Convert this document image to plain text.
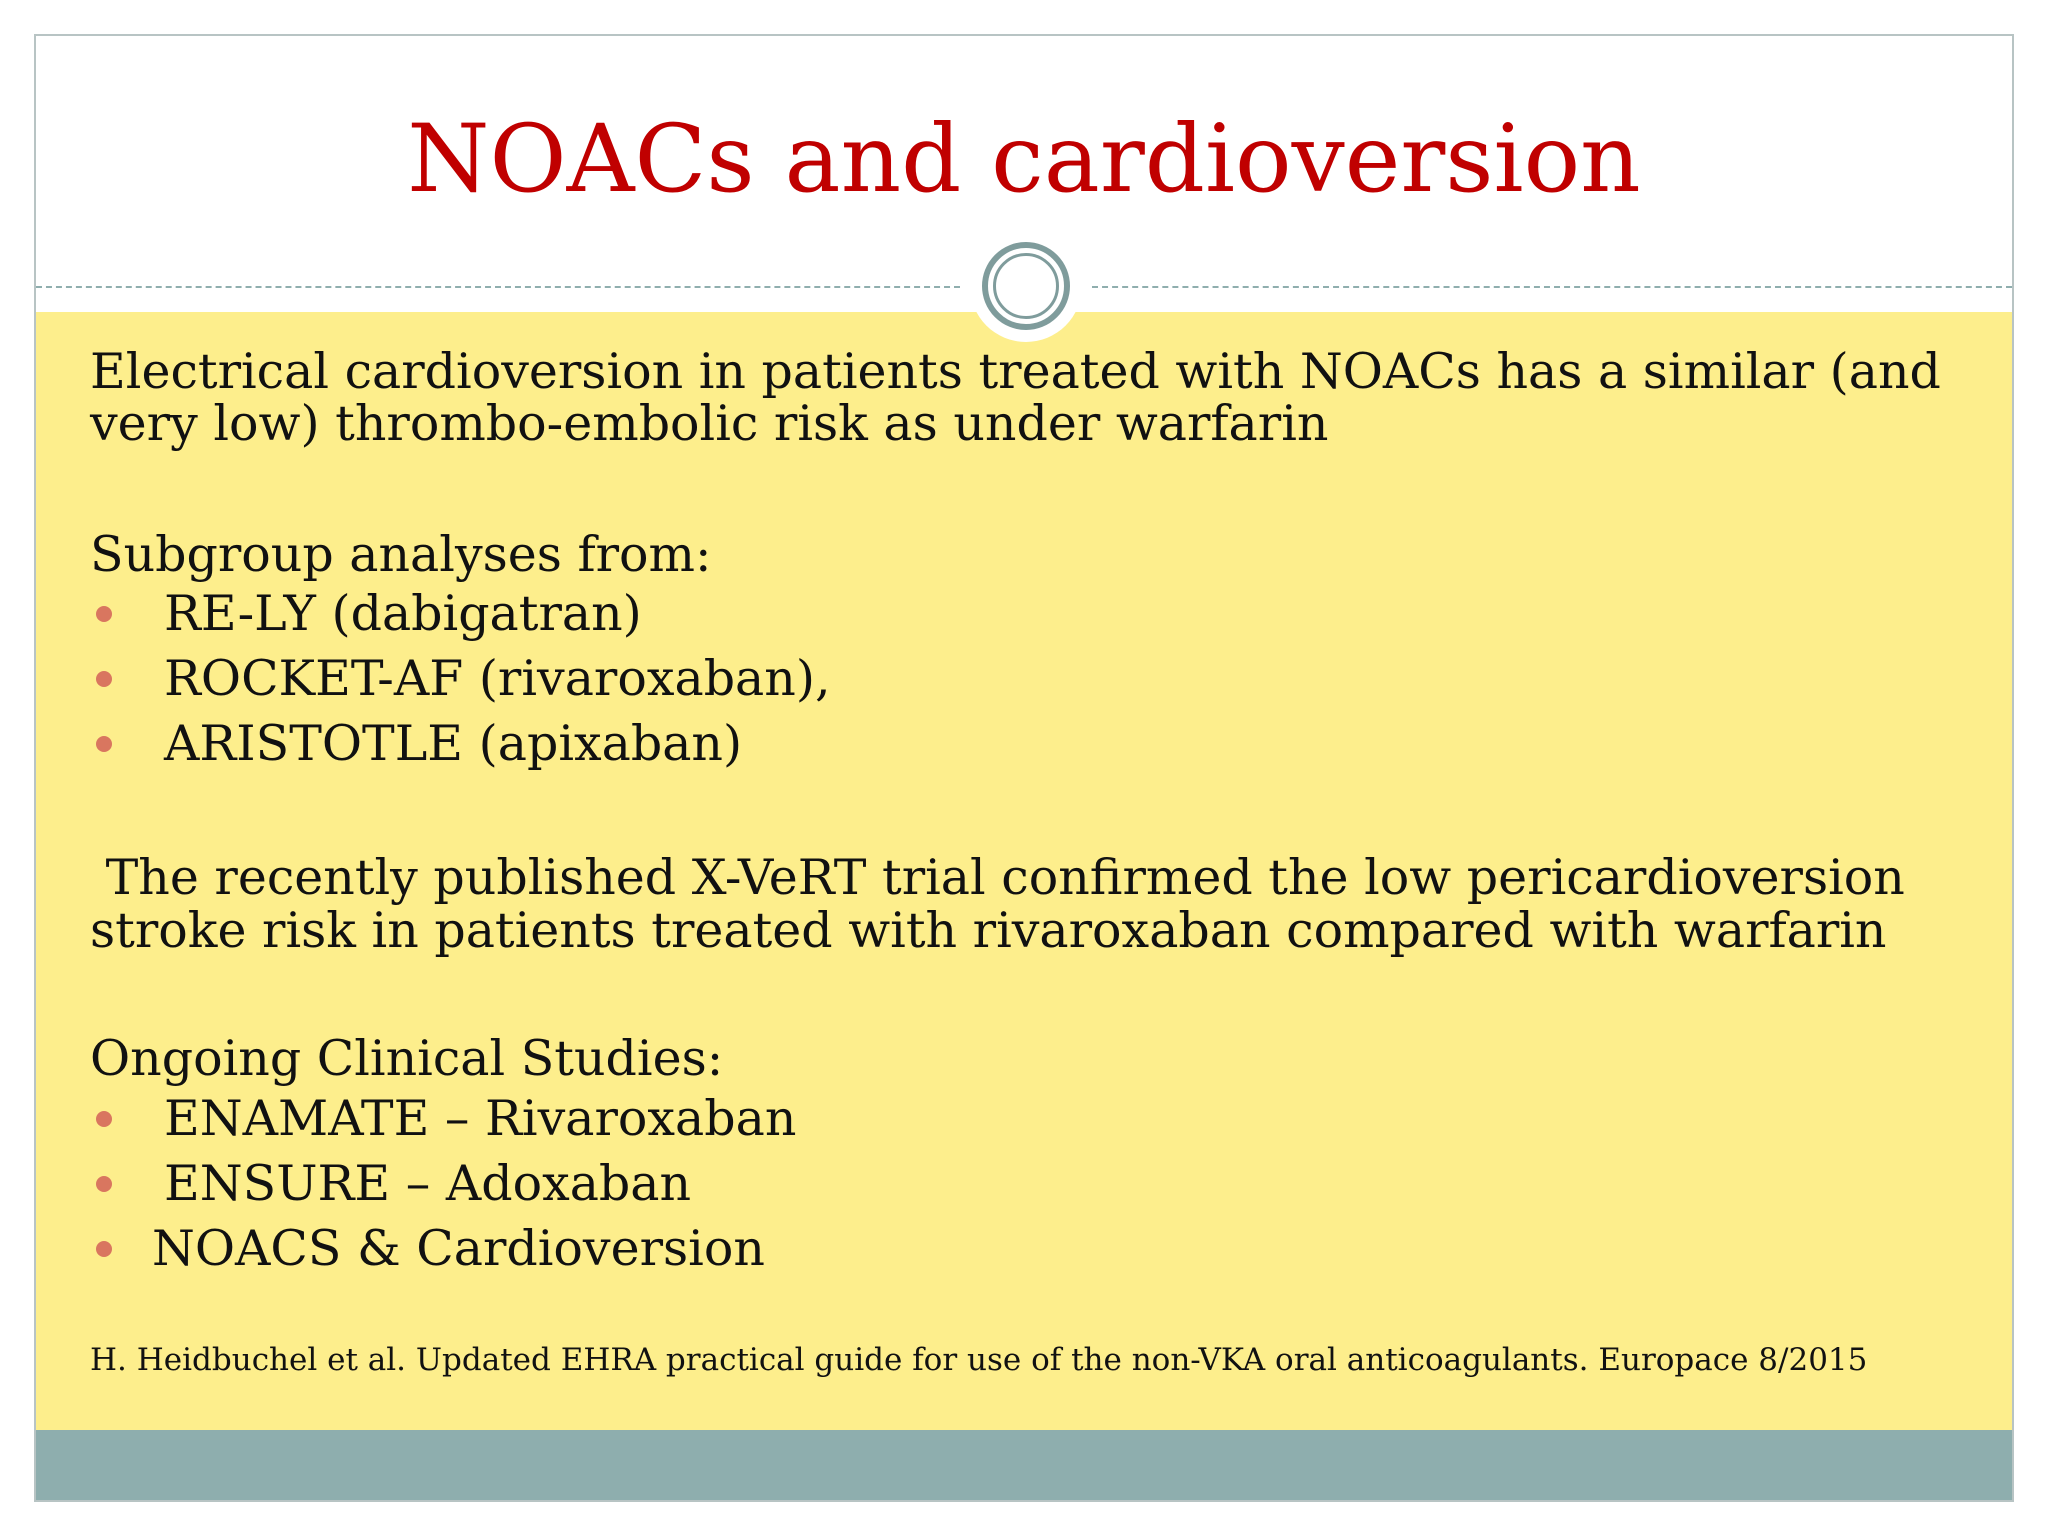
NOACs and cardioversion

Electrical cardioversion in patients treated with NOACs has a similar (and very low) thrombo-embolic risk as under warfarin

Subgroup analyses from:

RE-LY (dabigatran)
ROCKET-AF (rivaroxaban),
ARISTOTLE (apixaban)

The recently published X-VeRT trial confirmed the low pericardioversion stroke risk in patients treated with rivaroxaban compared with warfarin

Ongoing Clinical Studies:

ENAMATE – Rivaroxaban
ENSURE – Adoxaban
NOACS & Cardioversion
H. Heidbuchel et al. Updated EHRA practical guide for use of the non-VKA oral anticoagulants. Europace 8/2015
